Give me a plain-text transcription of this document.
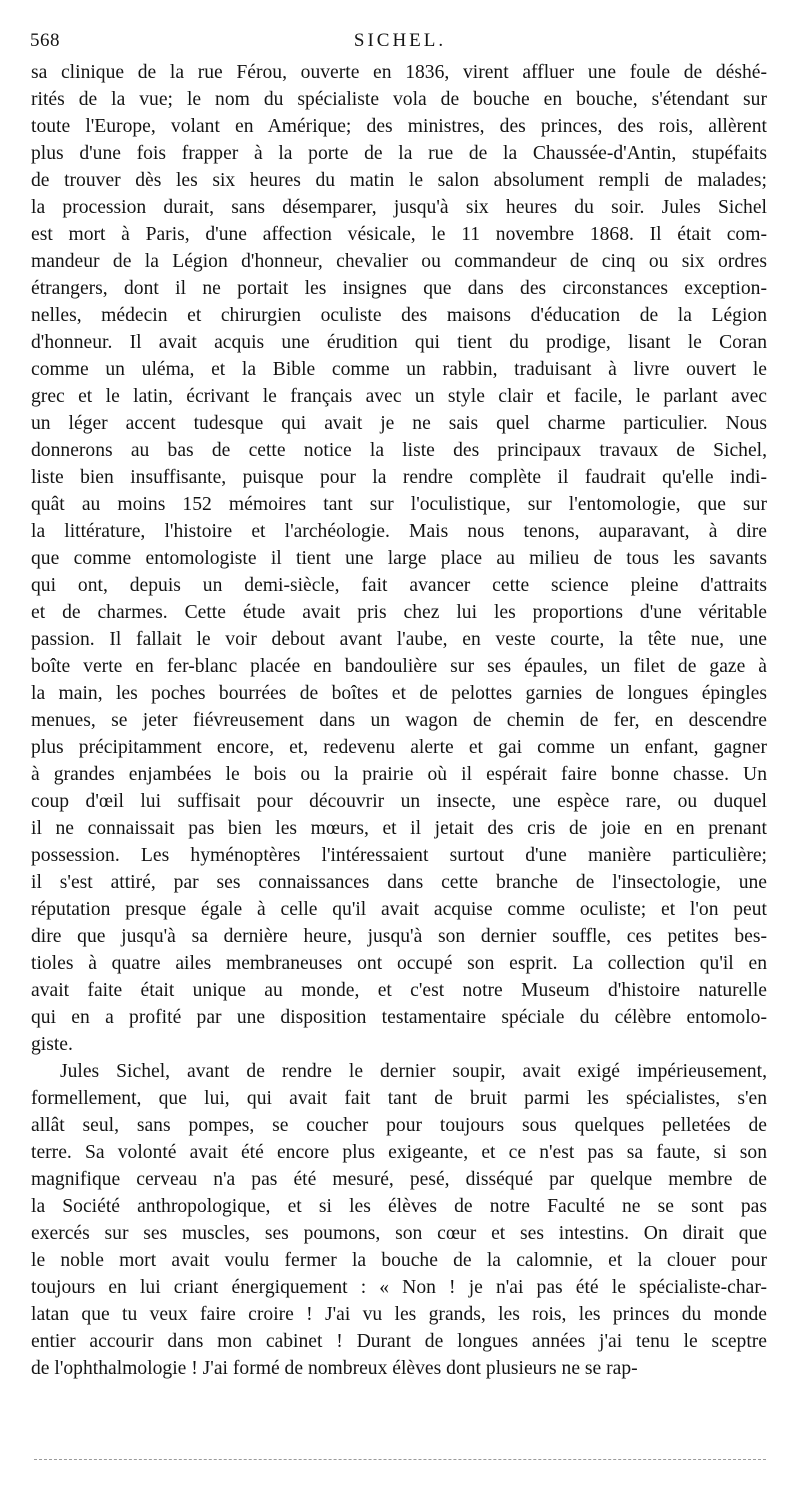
568	SICHEL.
sa clinique de la rue Férou, ouverte en 1836, virent affluer une foule de déshé-
rités de la vue; le nom du spécialiste vola de bouche en bouche, s'étendant sur
toute l'Europe, volant en Amérique; des ministres, des princes, des rois, allèrent
plus d'une fois frapper à la porte de la rue de la Chaussée-d'Antin, stupéfaits
de trouver dès les six heures du matin le salon absolument rempli de malades;
la procession durait, sans désemparer, jusqu'à six heures du soir. Jules Sichel
est mort à Paris, d'une affection vésicale, le 11 novembre 1868. Il était com-
mandeur de la Légion d'honneur, chevalier ou commandeur de cinq ou six ordres
étrangers, dont il ne portait les insignes que dans des circonstances exception-
nelles, médecin et chirurgien oculiste des maisons d'éducation de la Légion
d'honneur. Il avait acquis une érudition qui tient du prodige, lisant le Coran
comme un uléma, et la Bible comme un rabbin, traduisant à livre ouvert le
grec et le latin, écrivant le français avec un style clair et facile, le parlant avec
un léger accent tudesque qui avait je ne sais quel charme particulier. Nous
donnerons au bas de cette notice la liste des principaux travaux de Sichel,
liste bien insuffisante, puisque pour la rendre complète il faudrait qu'elle indi-
quât au moins 152 mémoires tant sur l'oculistique, sur l'entomologie, que sur
la littérature, l'histoire et l'archéologie. Mais nous tenons, auparavant, à dire
que comme entomologiste il tient une large place au milieu de tous les savants
qui ont, depuis un demi-siècle, fait avancer cette science pleine d'attraits
et de charmes. Cette étude avait pris chez lui les proportions d'une véritable
passion. Il fallait le voir debout avant l'aube, en veste courte, la tête nue, une
boîte verte en fer-blanc placée en bandoulière sur ses épaules, un filet de gaze à
la main, les poches bourrées de boîtes et de pelottes garnies de longues épingles
menues, se jeter fiévreusement dans un wagon de chemin de fer, en descendre
plus précipitamment encore, et, redevenu alerte et gai comme un enfant, gagner
à grandes enjambées le bois ou la prairie où il espérait faire bonne chasse. Un
coup d'œil lui suffisait pour découvrir un insecte, une espèce rare, ou duquel
il ne connaissait pas bien les mœurs, et il jetait des cris de joie en en prenant
possession. Les hyménoptères l'intéressaient surtout d'une manière particulière;
il s'est attiré, par ses connaissances dans cette branche de l'insectologie, une
réputation presque égale à celle qu'il avait acquise comme oculiste; et l'on peut
dire que jusqu'à sa dernière heure, jusqu'à son dernier souffle, ces petites bes-
tioles à quatre ailes membraneuses ont occupé son esprit. La collection qu'il en
avait faite était unique au monde, et c'est notre Museum d'histoire naturelle
qui en a profité par une disposition testamentaire spéciale du célèbre entomolo-
giste.
Jules Sichel, avant de rendre le dernier soupir, avait exigé impérieusement,
formellement, que lui, qui avait fait tant de bruit parmi les spécialistes, s'en
allât seul, sans pompes, se coucher pour toujours sous quelques pelletées de
terre. Sa volonté avait été encore plus exigeante, et ce n'est pas sa faute, si son
magnifique cerveau n'a pas été mesuré, pesé, disséqué par quelque membre de
la Société anthropologique, et si les élèves de notre Faculté ne se sont pas
exercés sur ses muscles, ses poumons, son cœur et ses intestins. On dirait que
le noble mort avait voulu fermer la bouche de la calomnie, et la clouer pour
toujours en lui criant énergiquement : « Non ! je n'ai pas été le spécialiste-char-
latan que tu veux faire croire ! J'ai vu les grands, les rois, les princes du monde
entier accourir dans mon cabinet ! Durant de longues années j'ai tenu le sceptre
de l'ophthalmologie ! J'ai formé de nombreux élèves dont plusieurs ne se rap-
